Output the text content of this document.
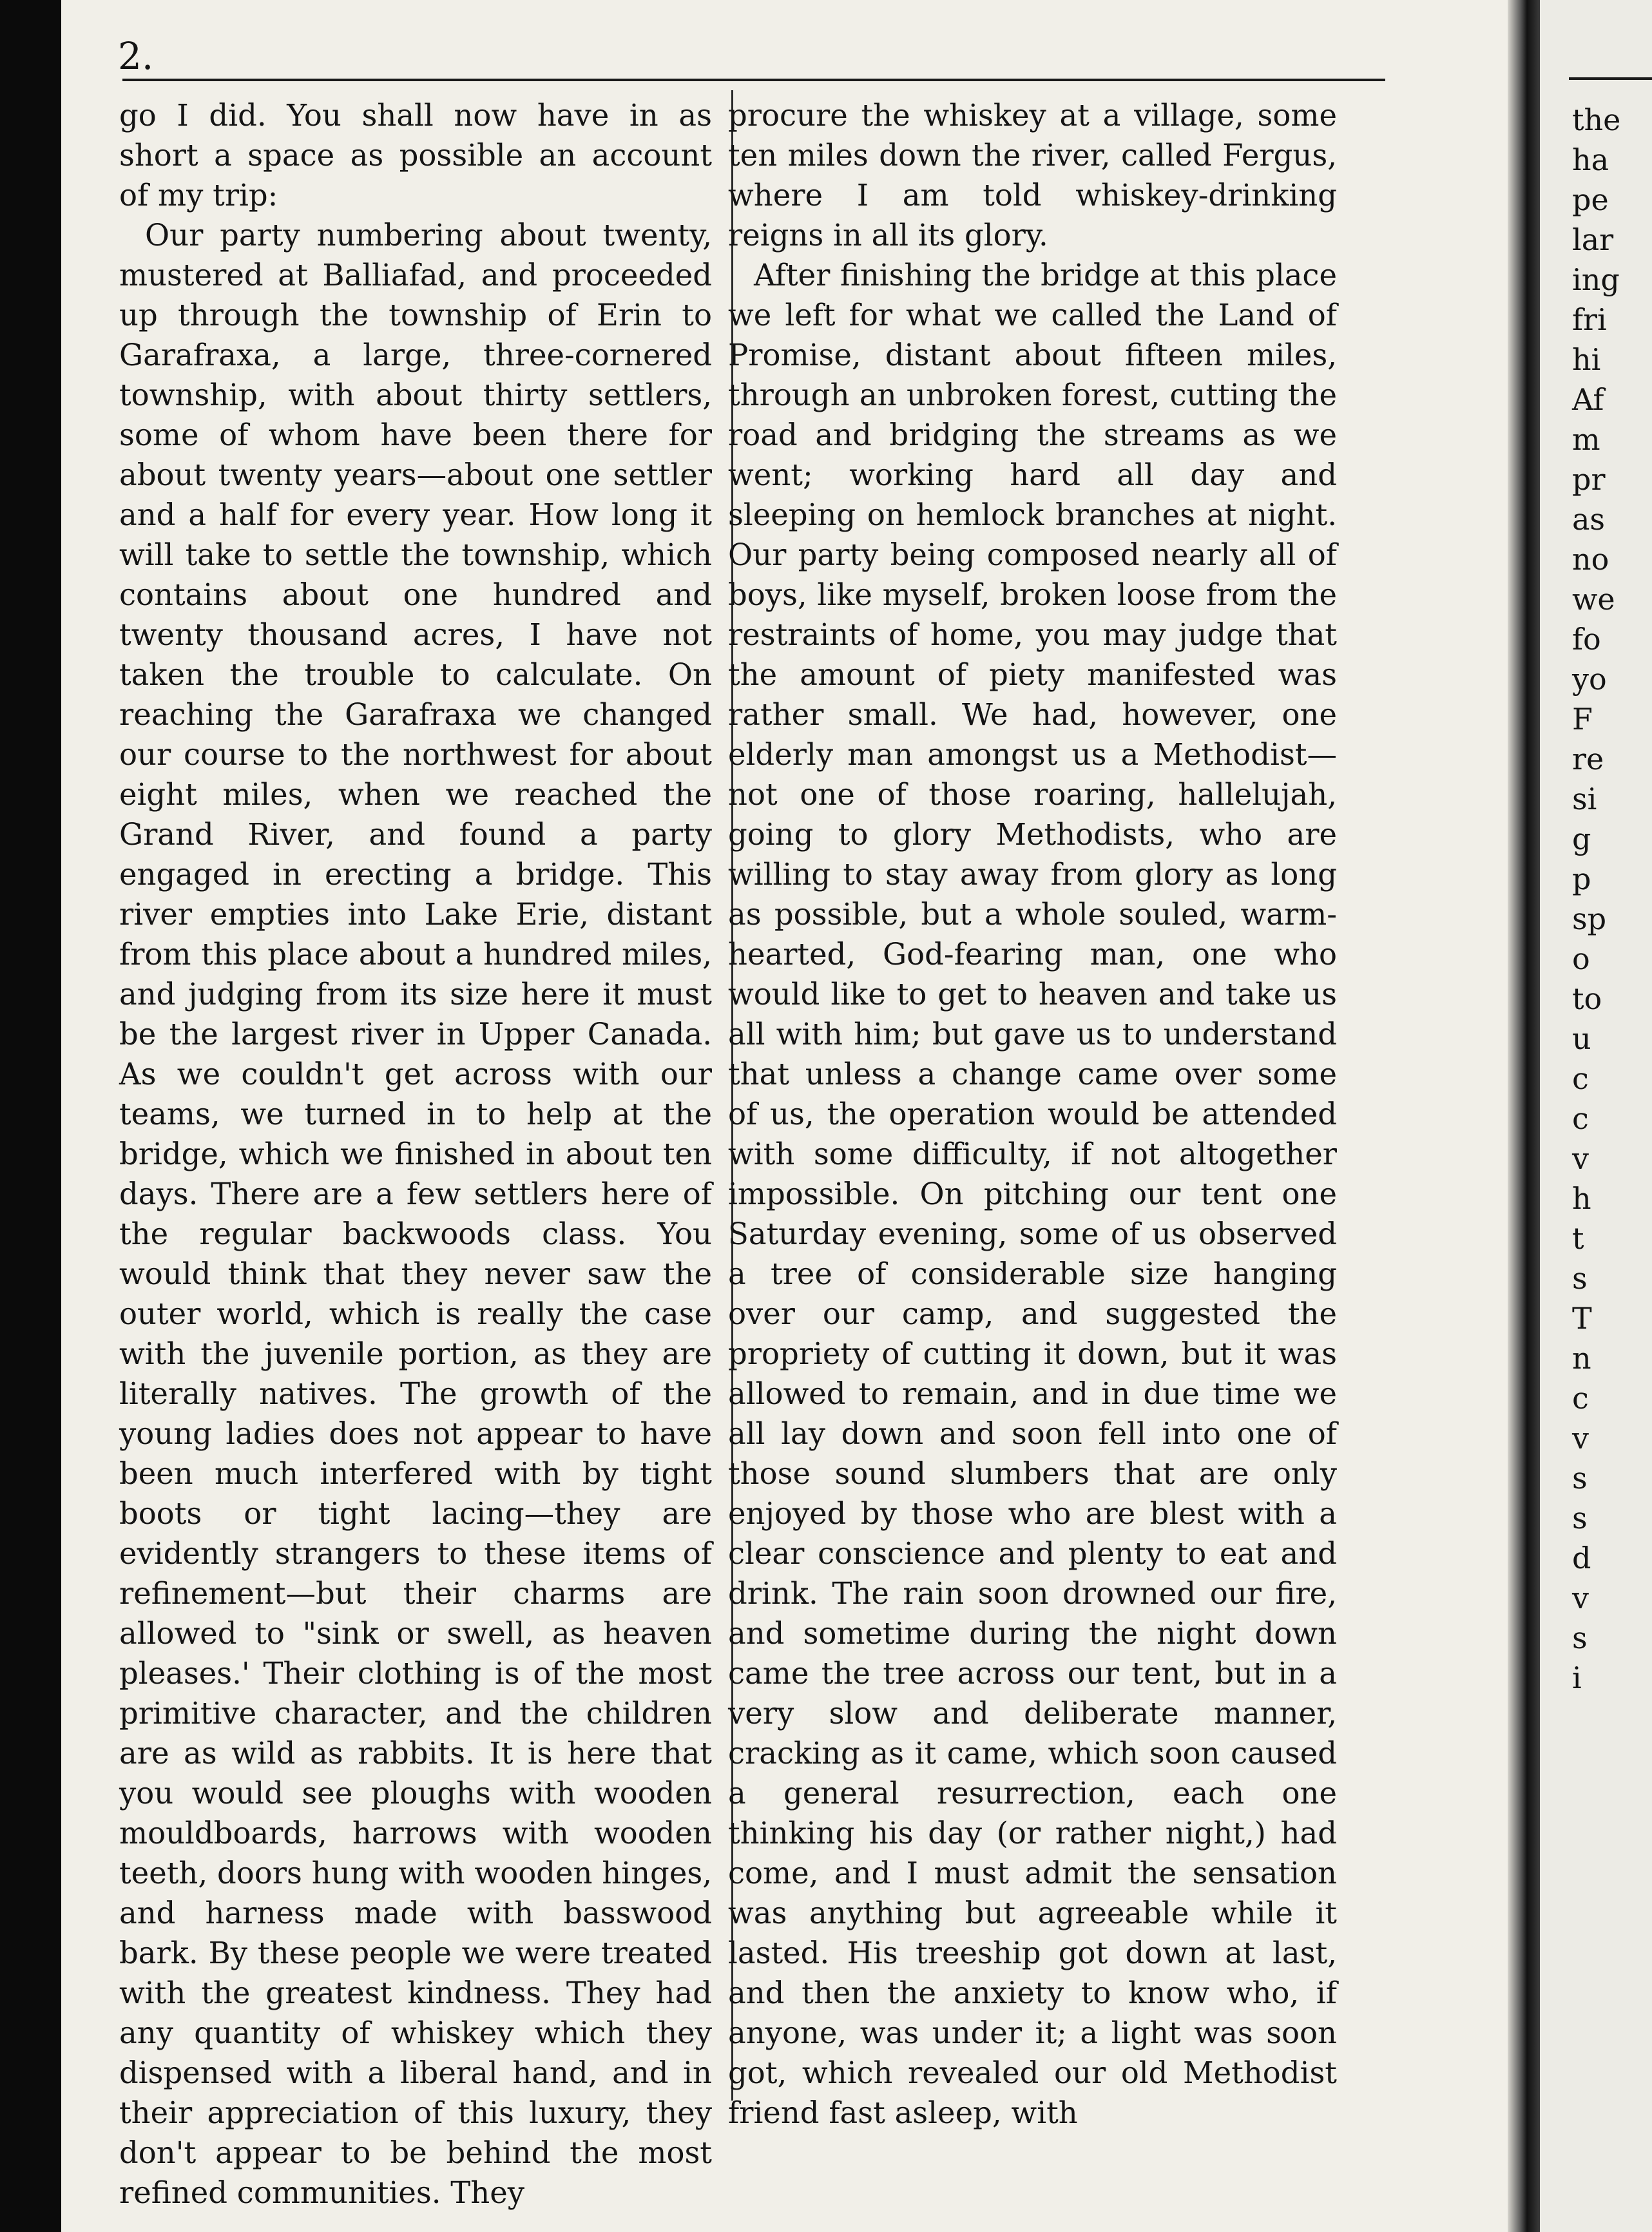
2.

go I did. You shall now have in as short a space as possible an account of my trip:

Our party numbering about twenty, mustered at Balliafad, and proceeded up through the township of Erin to Garafraxa, a large, three-cornered township, with about thirty settlers, some of whom have been there for about twenty years—about one settler and a half for every year. How long it will take to settle the township, which contains about one hundred and twenty thousand acres, I have not taken the trouble to calculate. On reaching the Garafraxa we changed our course to the northwest for about eight miles, when we reached the Grand River, and found a party engaged in erecting a bridge. This river empties into Lake Erie, distant from this place about a hundred miles, and judging from its size here it must be the largest river in Upper Canada. As we couldn't get across with our teams, we turned in to help at the bridge, which we finished in about ten days. There are a few settlers here of the regular backwoods class. You would think that they never saw the outer world, which is really the case with the juvenile portion, as they are literally natives. The growth of the young ladies does not appear to have been much interfered with by tight boots or tight lacing—they are evidently strangers to these items of refinement—but their charms are allowed to "sink or swell, as heaven pleases.' Their clothing is of the most primitive character, and the children are as wild as rabbits. It is here that you would see ploughs with wooden mouldboards, harrows with wooden teeth, doors hung with wooden hinges, and harness made with basswood bark. By these people we were treated with the greatest kindness. They had any quantity of whiskey which they dispensed with a liberal hand, and in their appreciation of this luxury, they don't appear to be behind the most refined communities. They

procure the whiskey at a village, some ten miles down the river, called Fergus, where I am told whiskey-drinking reigns in all its glory.

After finishing the bridge at this place we left for what we called the Land of Promise, distant about fifteen miles, through an unbroken forest, cutting the road and bridging the streams as we went; working hard all day and sleeping on hemlock branches at night. Our party being composed nearly all of boys, like myself, broken loose from the restraints of home, you may judge that the amount of piety manifested was rather small. We had, however, one elderly man amongst us a Methodist—not one of those roaring, hallelujah, going to glory Methodists, who are willing to stay away from glory as long as possible, but a whole souled, warm-hearted, God-fearing man, one who would like to get to heaven and take us all with him; but gave us to understand that unless a change came over some of us, the operation would be attended with some difficulty, if not altogether impossible. On pitching our tent one Saturday evening, some of us observed a tree of considerable size hanging over our camp, and suggested the propriety of cutting it down, but it was allowed to remain, and in due time we all lay down and soon fell into one of those sound slumbers that are only enjoyed by those who are blest with a clear conscience and plenty to eat and drink. The rain soon drowned our fire, and sometime during the night down came the tree across our tent, but in a very slow and deliberate manner, cracking as it came, which soon caused a general resurrection, each one thinking his day (or rather night,) had come, and I must admit the sensation was anything but agreeable while it lasted. His treeship got down at last, and then the anxiety to know who, if anyone, was under it; a light was soon got, which revealed our old Methodist friend fast asleep, with

the
ha
pe
lar
ing
fri
hi
Af
m
pr
as
no
we
fo
yo
F
re
si
g
p
sp
o
to
u
c
c
v
h
t
s
T
n
c
v
s
s
d
v
s
i
